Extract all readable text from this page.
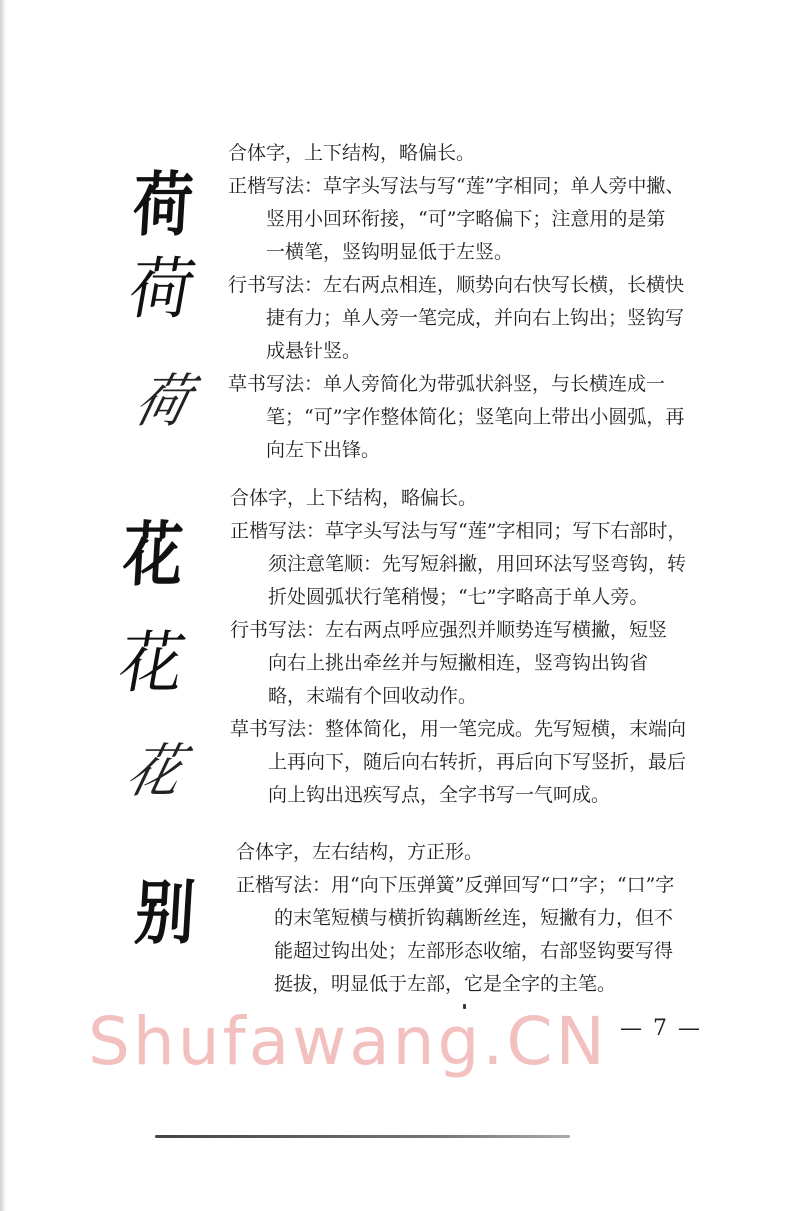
荷
荷
荷
合体字，上下结构，略偏长。
正楷写法：草字头写法与写“莲”字相同；单人旁中撇、
竖用小回环衔接，“可”字略偏下；注意用的是第
一横笔，竖钩明显低于左竖。
行书写法：左右两点相连，顺势向右快写长横，长横快
捷有力；单人旁一笔完成，并向右上钩出；竖钩写
成悬针竖。
草书写法：单人旁简化为带弧状斜竖，与长横连成一
笔；“可”字作整体简化；竖笔向上带出小圆弧，再
向左下出锋。
花
花
花
合体字，上下结构，略偏长。
正楷写法：草字头写法与写“莲”字相同；写下右部时，
须注意笔顺：先写短斜撇，用回环法写竖弯钩，转
折处圆弧状行笔稍慢；“七”字略高于单人旁。
行书写法：左右两点呼应强烈并顺势连写横撇，短竖
向右上挑出牵丝并与短撇相连，竖弯钩出钩省
略，末端有个回收动作。
草书写法：整体简化，用一笔完成。先写短横，末端向
上再向下，随后向右转折，再后向下写竖折，最后
向上钩出迅疾写点，全字书写一气呵成。
别
合体字，左右结构，方正形。
正楷写法：用“向下压弹簧”反弹回写“口”字；“口”字
的末笔短横与横折钩藕断丝连，短撇有力，但不
能超过钩出处；左部形态收缩，右部竖钩要写得
挺拔，明显低于左部，它是全字的主笔。
Shufawang.CN — 7 —
